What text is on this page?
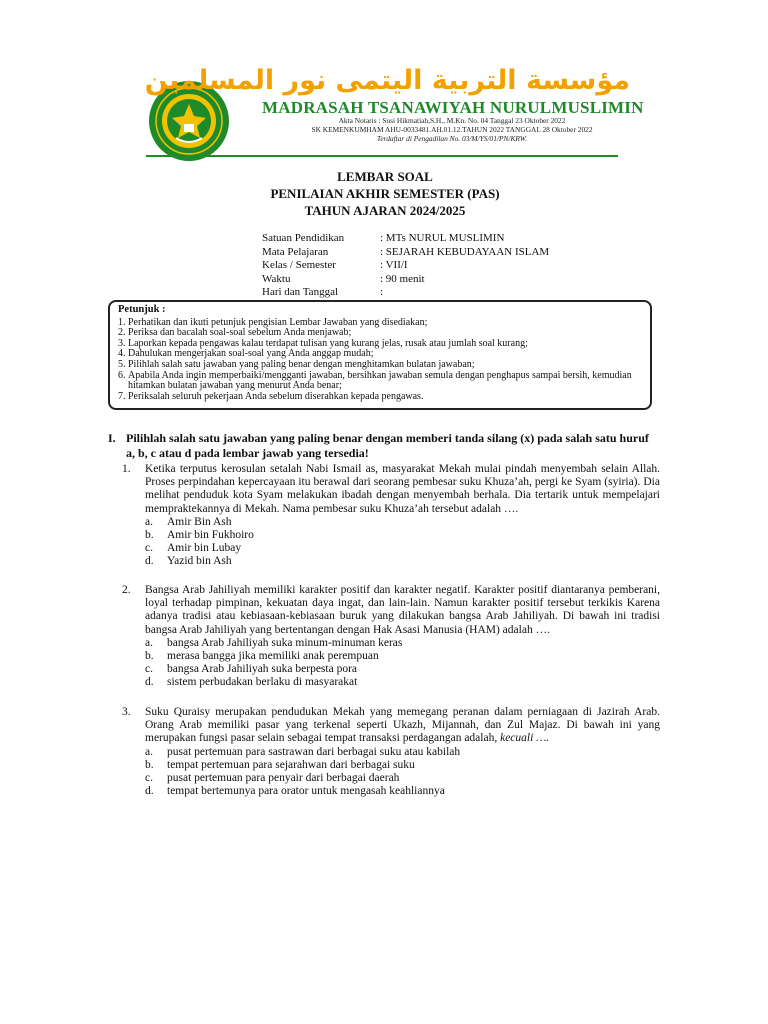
مؤسسة التربية اليتمى نور المسلمين
MADRASAH TSANAWIYAH NURULMUSLIMIN
Akta Notaris : Susi Hikmatiah,S.H., M.Kn. No. 04 Tanggal 23 Oktober 2022
SK KEMENKUMHAM AHU-0033481.AH.01.12.TAHUN 2022 TANGGAL 28 Oktober 2022
Terdaftar di Pengadilan No. 03/M/YS/01/PN/KRW.
LEMBAR SOAL
PENILAIAN AKHIR SEMESTER (PAS)
TAHUN AJARAN 2024/2025
Satuan Pendidikan	: MTs NURUL MUSLIMIN
Mata Pelajaran	: SEJARAH KEBUDAYAAN ISLAM
Kelas / Semester	: VII/I
Waktu	: 90 menit
Hari dan Tanggal	:
Petunjuk :
1. Perhatikan dan ikuti petunjuk pengisian Lembar Jawaban yang disediakan;
2. Periksa dan bacalah soal-soal sebelum Anda menjawab;
3. Laporkan kepada pengawas kalau terdapat tulisan yang kurang jelas, rusak atau jumlah soal kurang;
4. Dahulukan mengerjakan soal-soal yang Anda anggap mudah;
5. Pilihlah salah satu jawaban yang paling benar dengan menghitamkan bulatan jawaban;
6. Apabila Anda ingin memperbaiki/mengganti jawaban, bersihkan jawaban semula dengan penghapus sampai bersih, kemudian hitamkan bulatan jawaban yang menurut Anda benar;
7. Periksalah seluruh pekerjaan Anda sebelum diserahkan kepada pengawas.
I. Pilihlah salah satu jawaban yang paling benar dengan memberi tanda silang (x) pada salah satu huruf a, b, c atau d pada lembar jawab yang tersedia!
1.	Ketika terputus kerosulan setalah Nabi Ismail as, masyarakat Mekah mulai pindah menyembah selain Allah. Proses perpindahan kepercayaan itu berawal dari seorang pembesar suku Khuza’ah, pergi ke Syam (syiria). Dia melihat penduduk kota Syam melakukan ibadah dengan menyembah berhala. Dia tertarik untuk mempelajari mempraktekannya di Mekah. Nama pembesar suku Khuza’ah tersebut adalah ….
a.	Amir Bin Ash
b.	Amir bin Fukhoiro
c.	Amir bin Lubay
d.	Yazid bin Ash
2.	Bangsa Arab Jahiliyah memiliki karakter positif dan karakter negatif. Karakter positif diantaranya pemberani, loyal terhadap pimpinan, kekuatan daya ingat, dan lain-lain. Namun karakter positif tersebut terkikis Karena adanya tradisi atau kebiasaan-kebiasaan buruk yang dilakukan bangsa Arab Jahiliyah. Di bawah ini tradisi bangsa Arab Jahiliyah yang bertentangan dengan Hak Asasi Manusia (HAM) adalah ….
a.	bangsa Arab Jahiliyah suka minum-minuman keras
b.	merasa bangga jika memiliki anak perempuan
c.	bangsa Arab Jahiliyah suka berpesta pora
d.	sistem perbudakan berlaku di masyarakat
3.	Suku Quraisy merupakan pendudukan Mekah yang memegang peranan dalam perniagaan di Jazirah Arab. Orang Arab memiliki pasar yang terkenal seperti Ukazh, Mijannah, dan Zul Majaz. Di bawah ini yang merupakan fungsi pasar selain sebagai tempat transaksi perdagangan adalah, kecuali ….
a.	pusat pertemuan para sastrawan dari berbagai suku atau kabilah
b.	tempat pertemuan para sejarahwan dari berbagai suku
c.	pusat pertemuan para penyair dari berbagai daerah
d.	tempat bertemunya para orator untuk mengasah keahliannya
